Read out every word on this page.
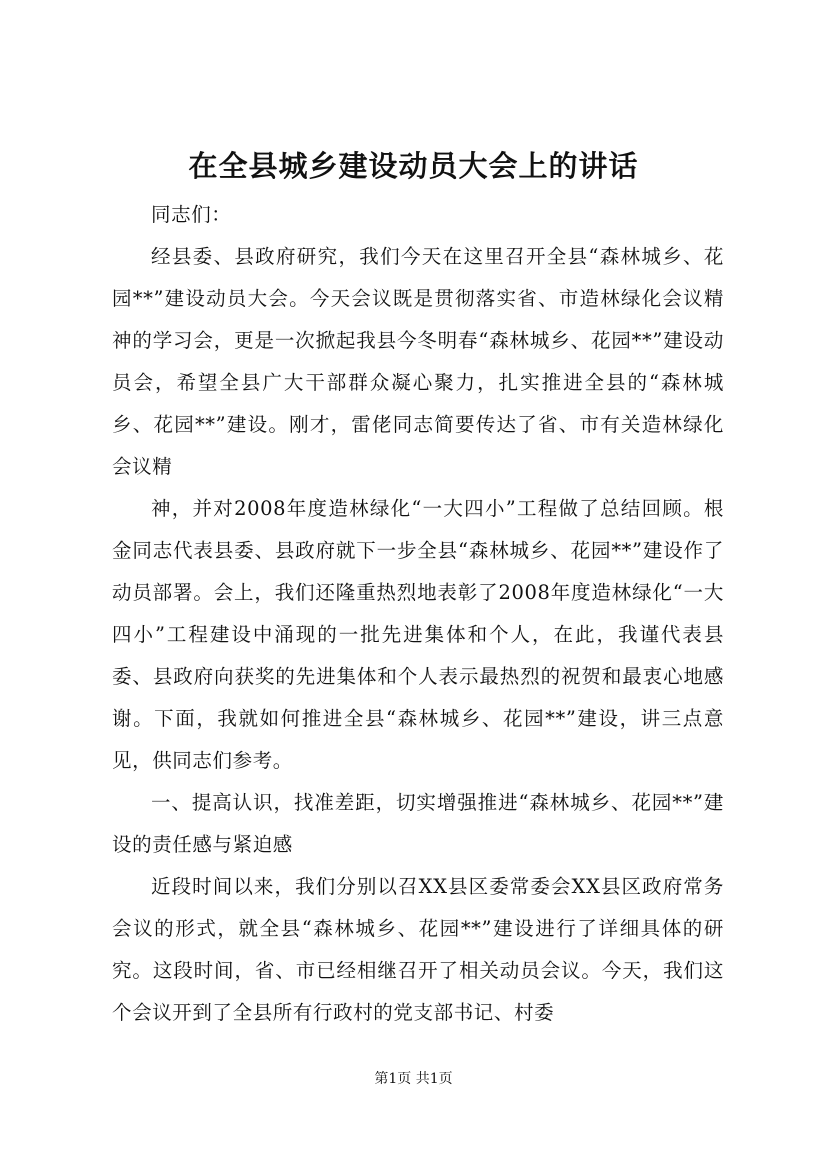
在全县城乡建设动员大会上的讲话

同志们：

经县委、县政府研究，我们今天在这里召开全县“森林城乡、花园**”建设动员大会。今天会议既是贯彻落实省、市造林绿化会议精神的学习会，更是一次掀起我县今冬明春“森林城乡、花园**”建设动员会，希望全县广大干部群众凝心聚力，扎实推进全县的“森林城乡、花园**”建设。刚才，雷佬同志简要传达了省、市有关造林绿化会议精

神，并对2008年度造林绿化“一大四小”工程做了总结回顾。根金同志代表县委、县政府就下一步全县“森林城乡、花园**”建设作了动员部署。会上，我们还隆重热烈地表彰了2008年度造林绿化“一大四小”工程建设中涌现的一批先进集体和个人，在此，我谨代表县委、县政府向获奖的先进集体和个人表示最热烈的祝贺和最衷心地感谢。下面，我就如何推进全县“森林城乡、花园**”建设，讲三点意见，供同志们参考。

一、提高认识，找准差距，切实增强推进“森林城乡、花园**”建设的责任感与紧迫感

近段时间以来，我们分别以召XX县区委常委会XX县区政府常务会议的形式，就全县“森林城乡、花园**”建设进行了详细具体的研究。这段时间，省、市已经相继召开了相关动员会议。今天，我们这个会议开到了全县所有行政村的党支部书记、村委

第1页 共1页
